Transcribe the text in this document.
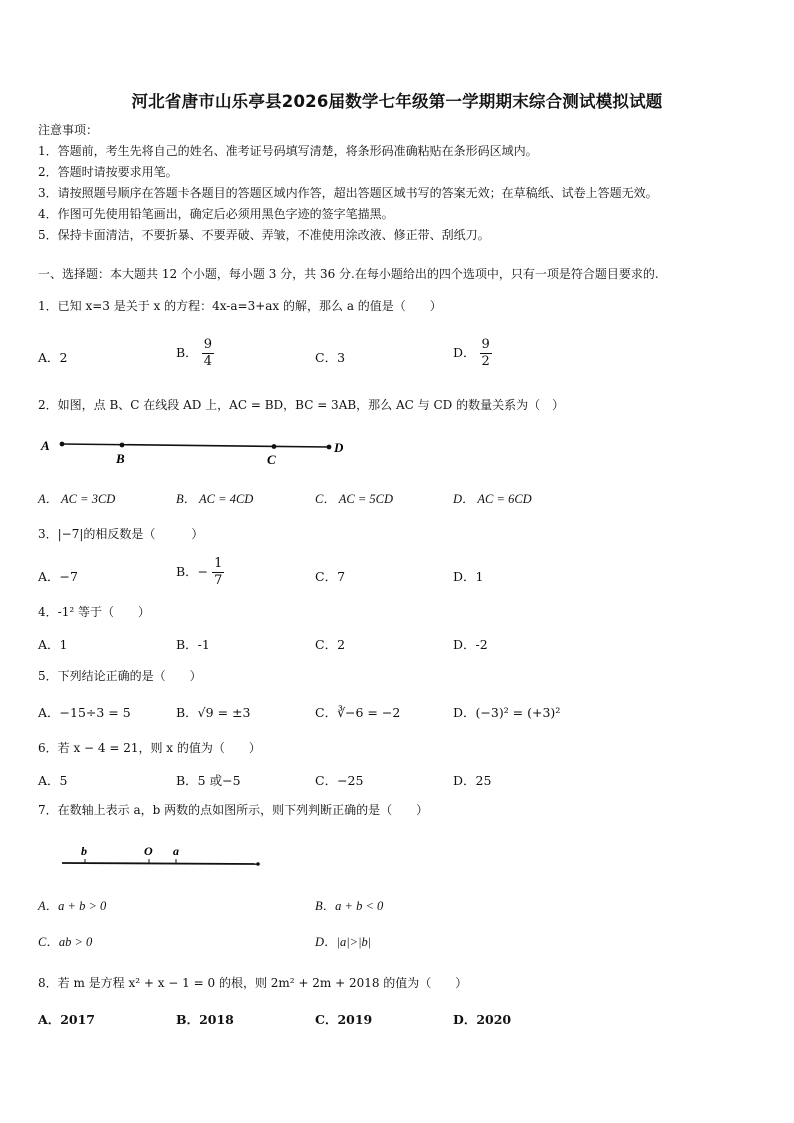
河北省唐市山乐亭县2026届数学七年级第一学期期末综合测试模拟试题
注意事项：
1．答题前，考生先将自己的姓名、准考证号码填写清楚，将条形码准确粘贴在条形码区域内。
2．答题时请按要求用笔。
3．请按照题号顺序在答题卡各题目的答题区域内作答，超出答题区域书写的答案无效；在草稿纸、试卷上答题无效。
4．作图可先使用铅笔画出，确定后必须用黑色字迹的签字笔描黑。
5．保持卡面清洁，不要折暴、不要弄破、弄皱，不准使用涂改液、修正带、刮纸刀。
一、选择题：本大题共 12 个小题，每小题 3 分，共 36 分.在每小题给出的四个选项中，只有一项是符合题目要求的.
1．已知 x=3 是关于 x 的方程：4x-a=3+ax 的解，那么 a 的值是（　　）
A．2	B． $\frac{9}{4}$	C．3	D． $\frac{9}{2}$
2．如图，点 B、C 在线段 AD 上，AC = BD，BC = 3AB，那么 AC 与 CD 的数量关系为（　）
A
B	C
D
A． AC = 3CD	B． AC = 4CD	C． AC = 5CD	D． AC = 6CD
3．|−7|的相反数是（　　　）
A．−7	B．− $\frac{1}{7}$	C．7	D．1
4．-1² 等于（　　）
A．1	B．-1	C．2	D．-2
5．下列结论正确的是（　　）
A．−15÷3 = 5	B．√9 = ±3	C．∛−6 = −2	D．(−3)² = (+3)²
6．若 x − 4 = 21，则 x 的值为（　　）
A．5	B．5 或−5	C．−25	D．25
7．在数轴上表示 a，b 两数的点如图所示，则下列判断正确的是（　　）
b	O a
A．a + b > 0	B．a + b < 0
C．ab > 0	D．|a|>|b|
8．若 m 是方程 x² + x − 1 = 0 的根，则 2m² + 2m + 2018 的值为（　　）
A．2017	B．2018	C．2019	D．2020
